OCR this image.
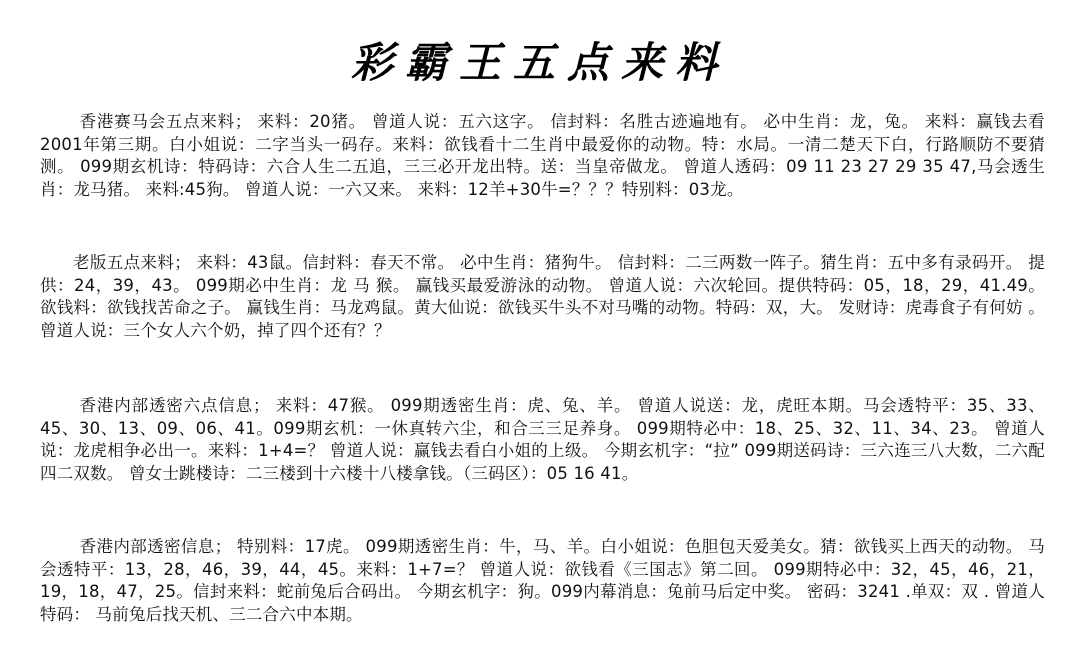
彩霸王五点来料

香港赛马会五点来料； 来料：20猪。 曾道人说：五六这字。 信封料：名胜古迹遍地有。 必中生肖：龙，兔。 来料：赢钱去看2001年第三期。白小姐说：二字当头一码存。来料：欲钱看十二生肖中最爱你的动物。特：水局。一清二楚天下白，行路顺防不要猜测。 099期玄机诗：特码诗：六合人生二五追，三三必开龙出特。送：当皇帝做龙。 曾道人透码：09 11 23 27 29 35 47,马会透生肖：龙马猪。 来料:45狗。 曾道人说：一六又来。 来料：12羊+30牛=？？？特别料：03龙。

老版五点来料； 来料：43鼠。信封料：春天不常。 必中生肖：猪狗牛。 信封料：二三两数一阵子。猜生肖：五中多有录码开。 提供：24，39，43。 099期必中生肖：龙 马 猴。 赢钱买最爱游泳的动物。 曾道人说：六次轮回。提供特码：05，18，29，41.49。 欲钱料：欲钱找苦命之子。 赢钱生肖：马龙鸡鼠。黄大仙说：欲钱买牛头不对马嘴的动物。特码：双，大。 发财诗：虎毒食子有何妨 。曾道人说：三个女人六个奶，掉了四个还有？？

香港内部透密六点信息； 来料：47猴。 099期透密生肖：虎、兔、羊。 曾道人说送：龙，虎旺本期。马会透特平：35、33、45、30、13、09、06、41。099期玄机：一休真转六尘，和合三三足养身。 099期特必中：18、25、32、11、34、23。 曾道人说：龙虎相争必出一。来料：1+4=？ 曾道人说：赢钱去看白小姐的上级。 今期玄机字：“拉” 099期送码诗：三六连三八大数，二六配四二双数。 曾女士跳楼诗：二三楼到十六楼十八楼拿钱。（三码区）：05 16 41。

香港内部透密信息； 特别料：17虎。 099期透密生肖：牛，马、羊。白小姐说：色胆包天爱美女。猜：欲钱买上西天的动物。 马会透特平：13，28，46，39，44，45。来料：1+7=？ 曾道人说：欲钱看《三国志》第二回。 099期特必中：32，45，46，21，19，18，47，25。信封来料：蛇前兔后合码出。 今期玄机字：狗。099内幕消息：兔前马后定中奖。 密码：3241 .单双：双 . 曾道人特码： 马前兔后找天机、三二合六中本期。
